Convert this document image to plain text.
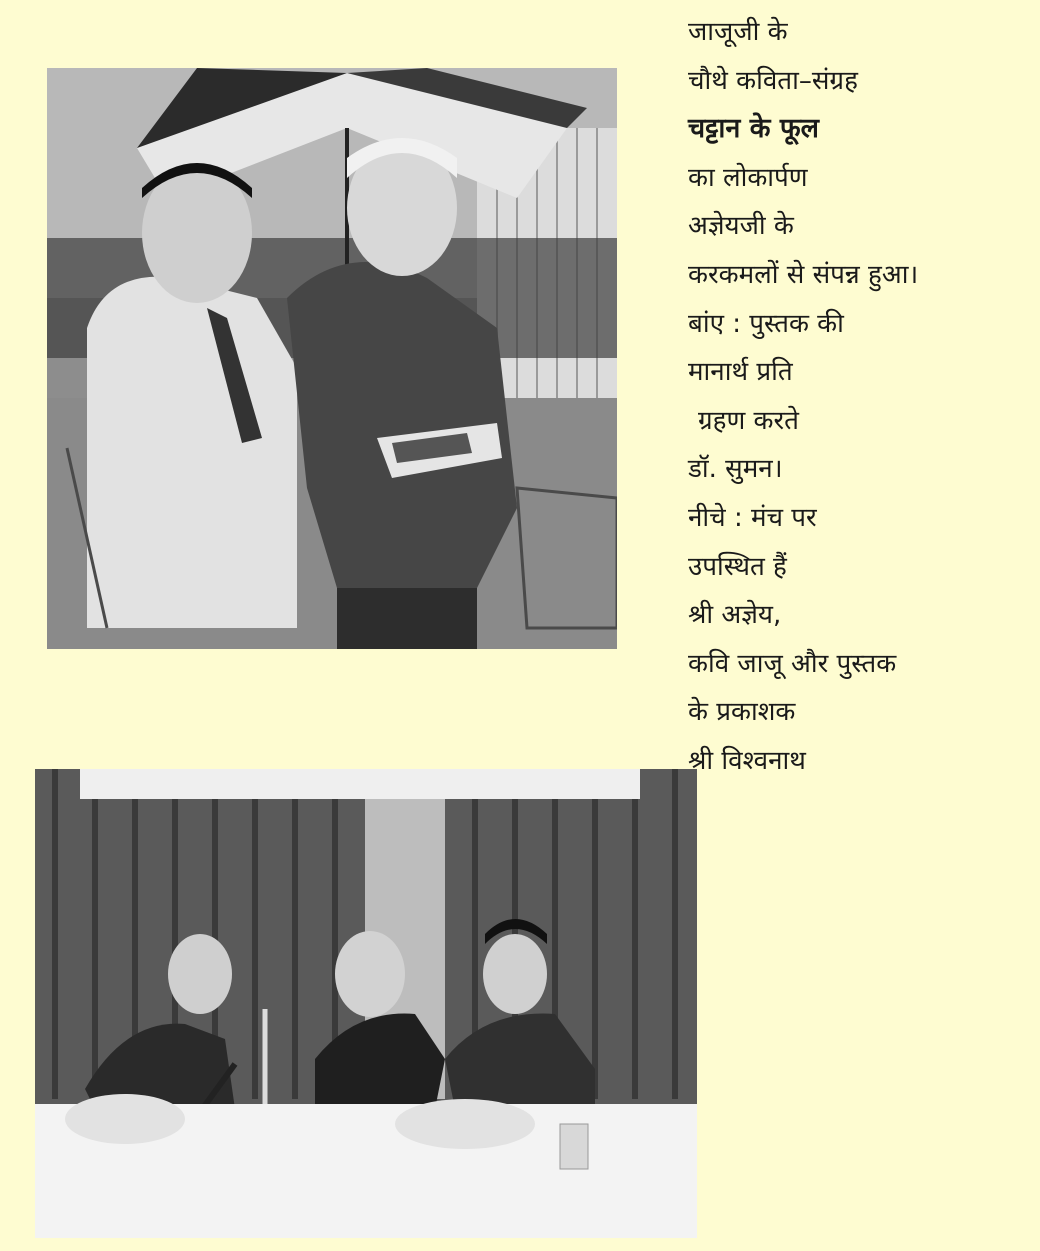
जाजूजी के
चौथे कविता–संग्रह
चट्टान के फूल
का लोकार्पण
अज्ञेयजी के
करकमलों से संपन्न हुआ।
बांए : पुस्तक की
मानार्थ प्रति
ग्रहण करते
डॉ. सुमन।
नीचे : मंच पर
उपस्थित हैं
श्री अज्ञेय,
कवि जाजू और पुस्तक
के प्रकाशक
श्री विश्वनाथ
